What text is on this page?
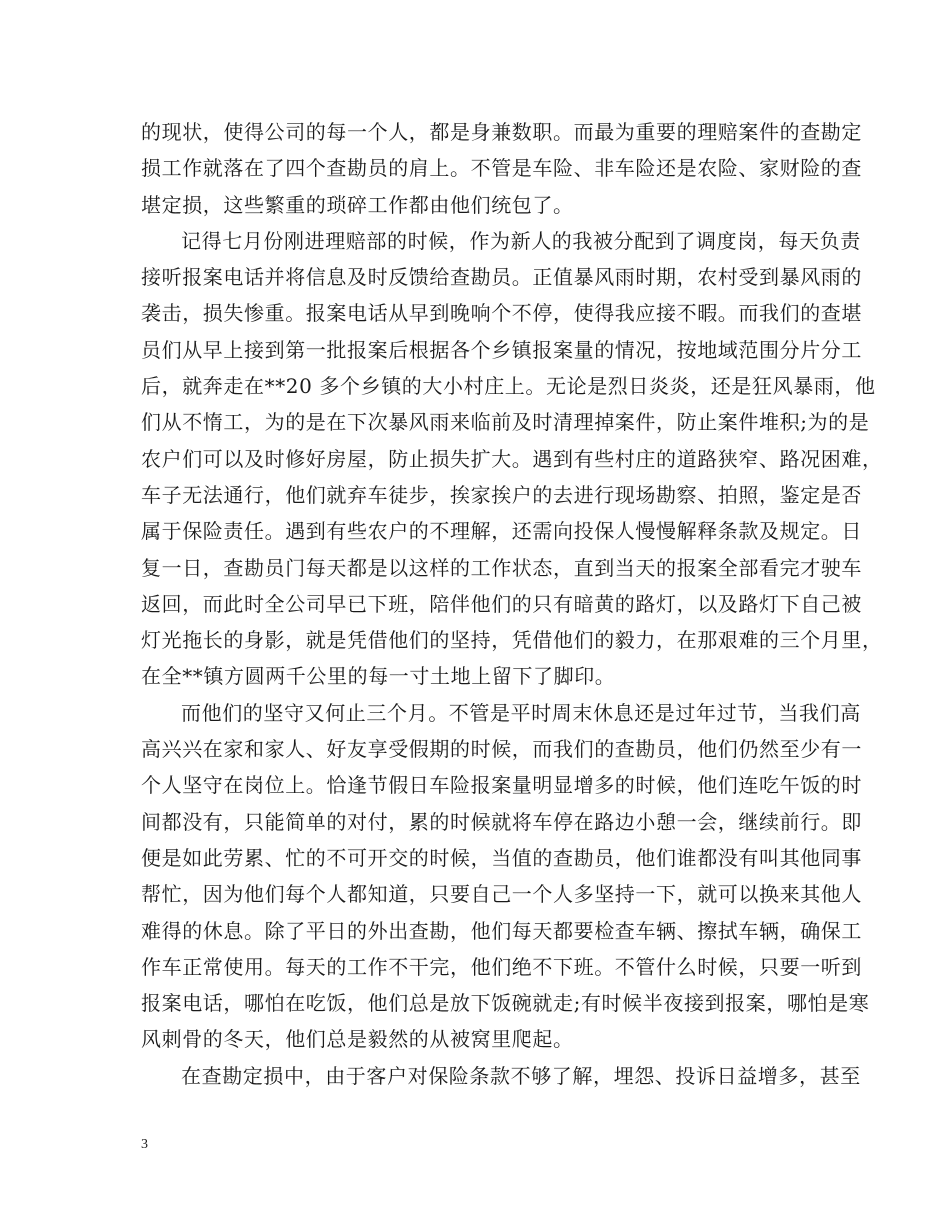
的现状，使得公司的每一个人，都是身兼数职。而最为重要的理赔案件的查勘定
损工作就落在了四个查勘员的肩上。不管是车险、非车险还是农险、家财险的查
堪定损，这些繁重的琐碎工作都由他们统包了。

记得七月份刚进理赔部的时候，作为新人的我被分配到了调度岗，每天负责
接听报案电话并将信息及时反馈给查勘员。正值暴风雨时期，农村受到暴风雨的
袭击，损失惨重。报案电话从早到晚响个不停，使得我应接不暇。而我们的查堪
员们从早上接到第一批报案后根据各个乡镇报案量的情况，按地域范围分片分工
后，就奔走在**20 多个乡镇的大小村庄上。无论是烈日炎炎，还是狂风暴雨，他
们从不惰工，为的是在下次暴风雨来临前及时清理掉案件，防止案件堆积;为的是
农户们可以及时修好房屋，防止损失扩大。遇到有些村庄的道路狭窄、路况困难，
车子无法通行，他们就弃车徒步，挨家挨户的去进行现场勘察、拍照，鉴定是否
属于保险责任。遇到有些农户的不理解，还需向投保人慢慢解释条款及规定。日
复一日，查勘员门每天都是以这样的工作状态，直到当天的报案全部看完才驶车
返回，而此时全公司早已下班，陪伴他们的只有暗黄的路灯，以及路灯下自己被
灯光拖长的身影，就是凭借他们的坚持，凭借他们的毅力，在那艰难的三个月里，
在全**镇方圆两千公里的每一寸土地上留下了脚印。

而他们的坚守又何止三个月。不管是平时周末休息还是过年过节，当我们高
高兴兴在家和家人、好友享受假期的时候，而我们的查勘员，他们仍然至少有一
个人坚守在岗位上。恰逢节假日车险报案量明显增多的时候，他们连吃午饭的时
间都没有，只能简单的对付，累的时候就将车停在路边小憩一会，继续前行。即
便是如此劳累、忙的不可开交的时候，当值的查勘员，他们谁都没有叫其他同事
帮忙，因为他们每个人都知道，只要自己一个人多坚持一下，就可以换来其他人
难得的休息。除了平日的外出查勘，他们每天都要检查车辆、擦拭车辆，确保工
作车正常使用。每天的工作不干完，他们绝不下班。不管什么时候，只要一听到
报案电话，哪怕在吃饭，他们总是放下饭碗就走;有时候半夜接到报案，哪怕是寒
风刺骨的冬天，他们总是毅然的从被窝里爬起。

在查勘定损中，由于客户对保险条款不够了解，埋怨、投诉日益增多，甚至

3
